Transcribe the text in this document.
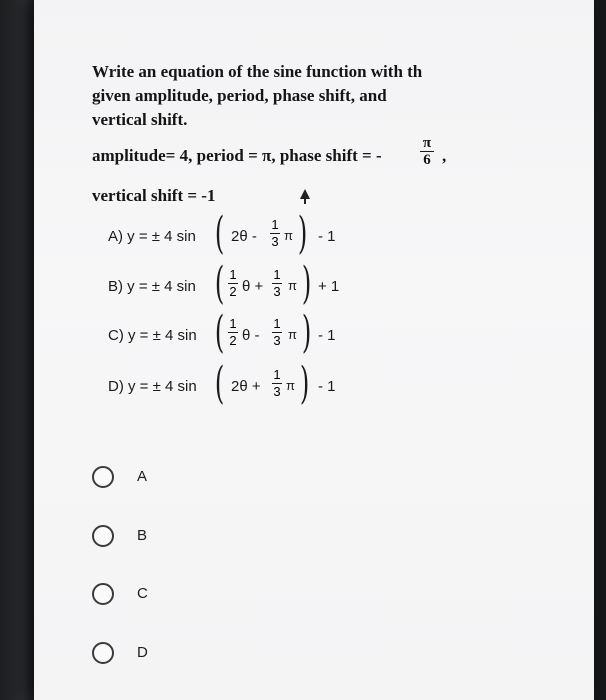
Write an equation of the sine function with th
given amplitude, period, phase shift, and
vertical shift.
amplitude= 4, period = π, phase shift = -
π
6 ,
vertical shift = -1
A) y = ± 4 sin ( 2θ -
1
3 π ) - 1
B) y = ± 4 sin ( 1
2 θ +
1
3 π ) + 1
C) y = ± 4 sin ( 1
2 θ -
1
3 π ) - 1
D) y = ± 4 sin ( 2θ +
1
3 π ) - 1
A
B
C
D
